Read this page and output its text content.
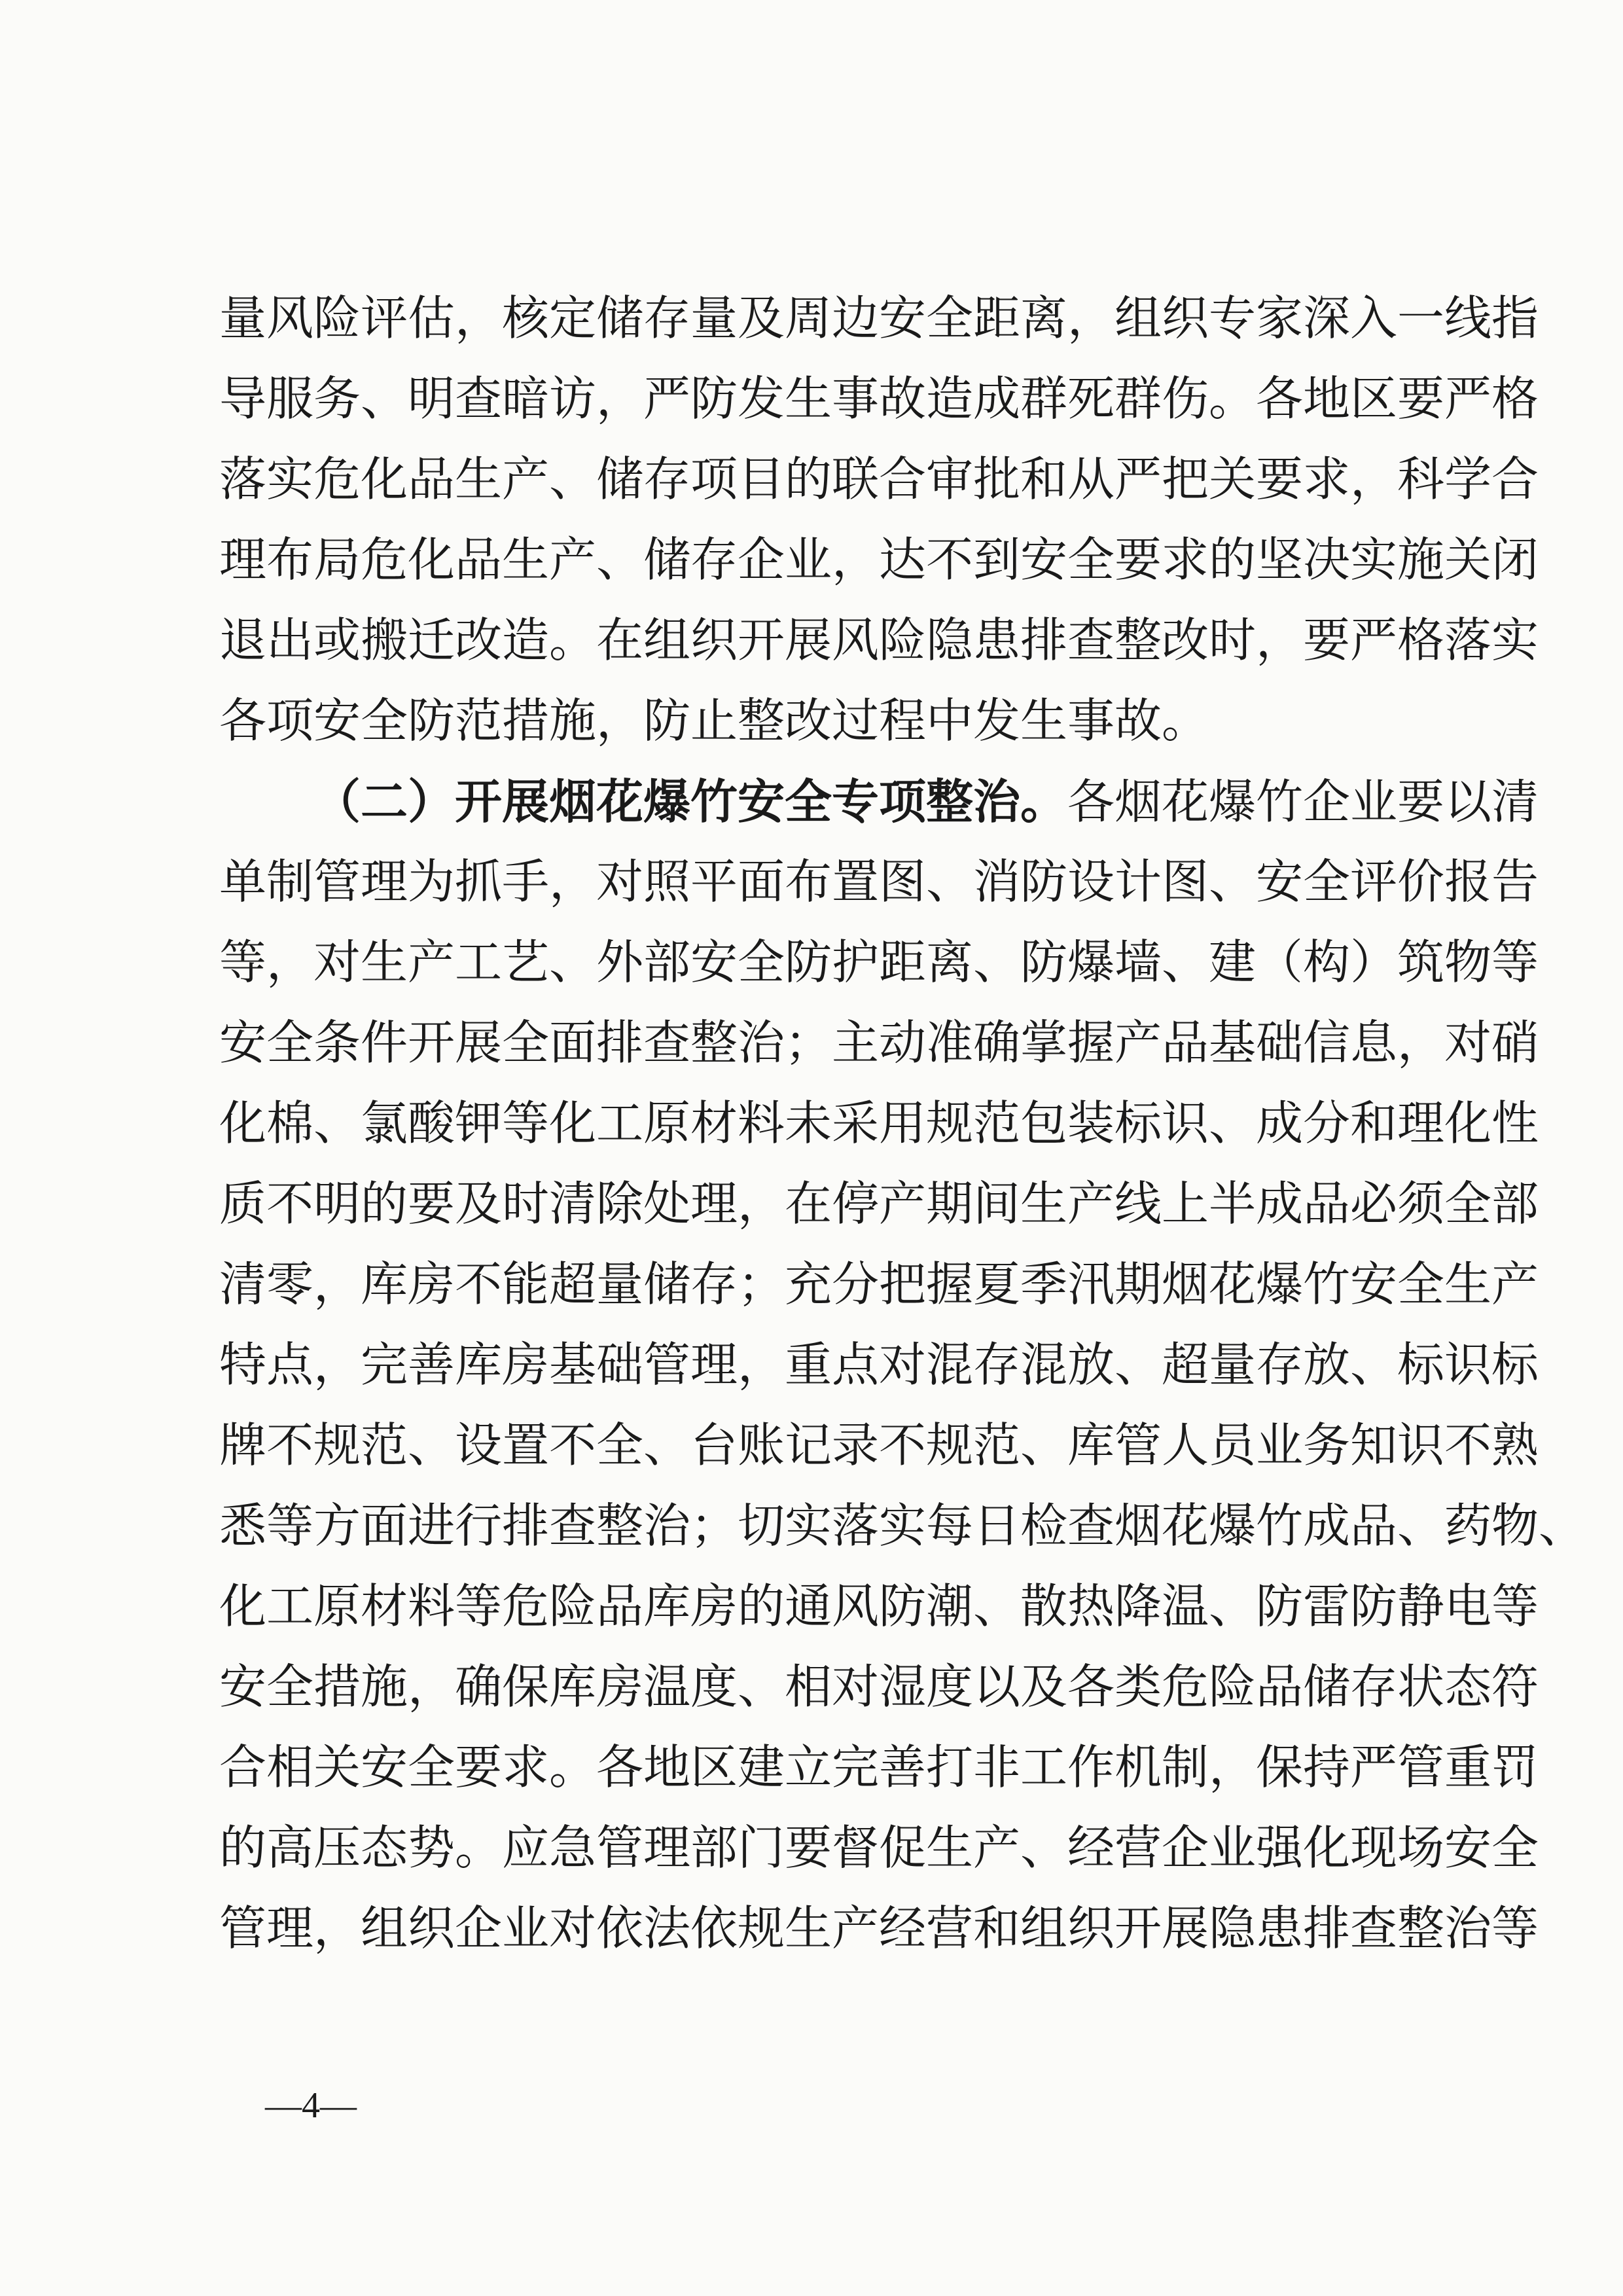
量风险评估，核定储存量及周边安全距离，组织专家深入一线指
导服务、明查暗访，严防发生事故造成群死群伤。各地区要严格
落实危化品生产、储存项目的联合审批和从严把关要求，科学合
理布局危化品生产、储存企业，达不到安全要求的坚决实施关闭
退出或搬迁改造。在组织开展风险隐患排查整改时，要严格落实
各项安全防范措施，防止整改过程中发生事故。
（二）开展烟花爆竹安全专项整治。各烟花爆竹企业要以清
单制管理为抓手，对照平面布置图、消防设计图、安全评价报告
等，对生产工艺、外部安全防护距离、防爆墙、建（构）筑物等
安全条件开展全面排查整治；主动准确掌握产品基础信息，对硝
化棉、氯酸钾等化工原材料未采用规范包装标识、成分和理化性
质不明的要及时清除处理，在停产期间生产线上半成品必须全部
清零，库房不能超量储存；充分把握夏季汛期烟花爆竹安全生产
特点，完善库房基础管理，重点对混存混放、超量存放、标识标
牌不规范、设置不全、台账记录不规范、库管人员业务知识不熟
悉等方面进行排查整治；切实落实每日检查烟花爆竹成品、药物、
化工原材料等危险品库房的通风防潮、散热降温、防雷防静电等
安全措施，确保库房温度、相对湿度以及各类危险品储存状态符
合相关安全要求。各地区建立完善打非工作机制，保持严管重罚
的高压态势。应急管理部门要督促生产、经营企业强化现场安全
管理，组织企业对依法依规生产经营和组织开展隐患排查整治等
—4—
